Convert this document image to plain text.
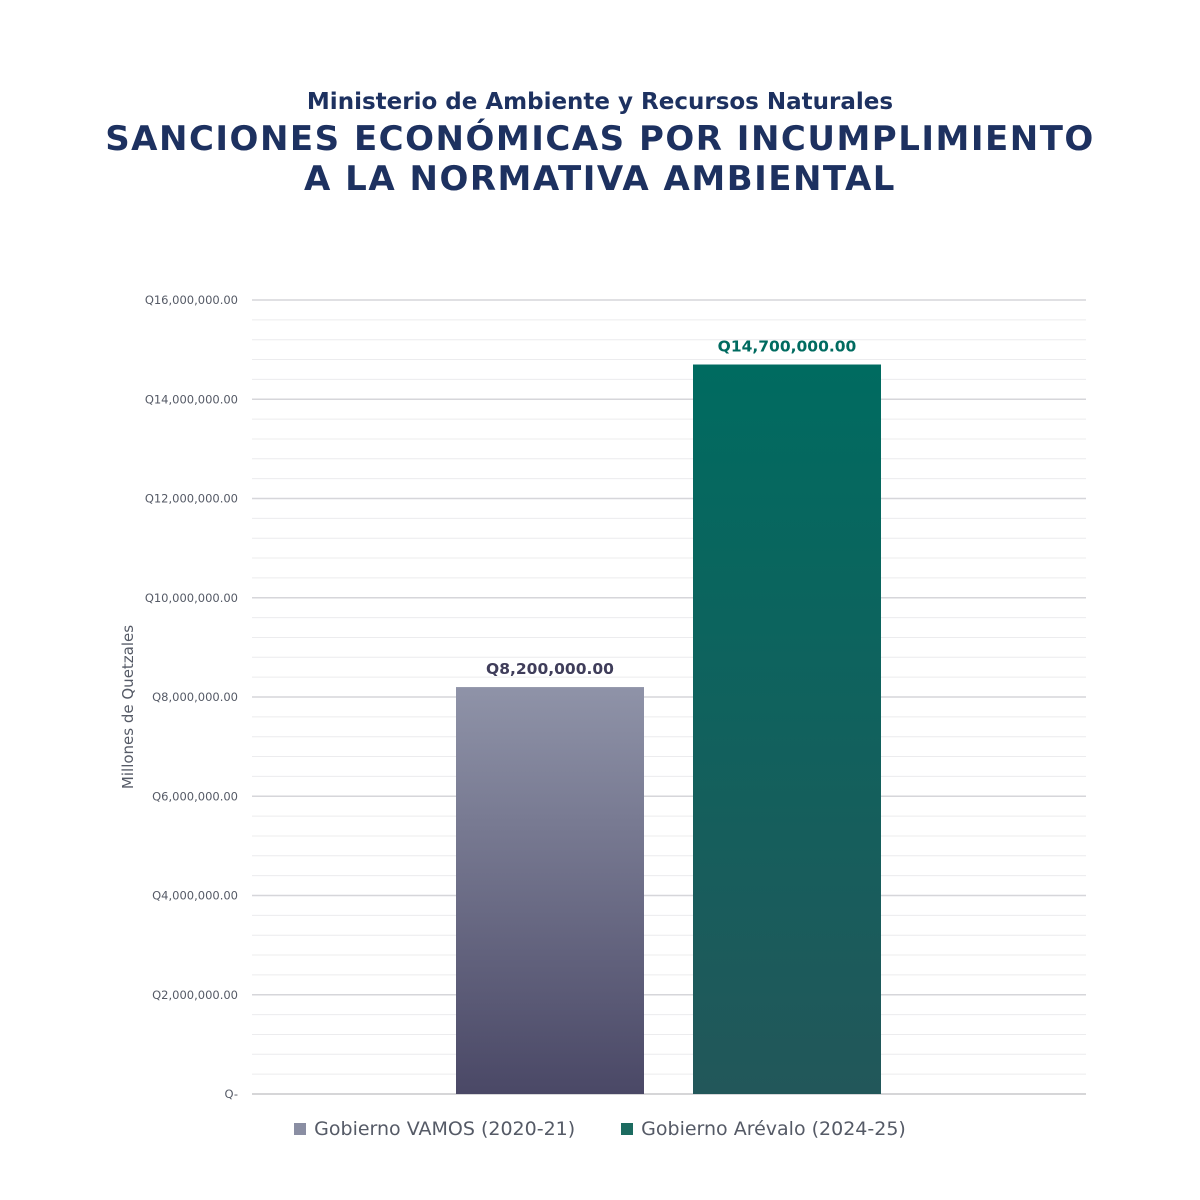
Ministerio de Ambiente y Recursos Naturales
SANCIONES ECONÓMICAS POR INCUMPLIMIENTO
A LA NORMATIVA AMBIENTAL
Q-
Q2,000,000.00
Q4,000,000.00
Q6,000,000.00
Q8,000,000.00
Q10,000,000.00
Q12,000,000.00
Q14,000,000.00
Q16,000,000.00
Millones de Quetzales	Q8,200,000.00
Q14,700,000.00
Gobierno VAMOS (2020-21)	Gobierno Arévalo (2024-25)
